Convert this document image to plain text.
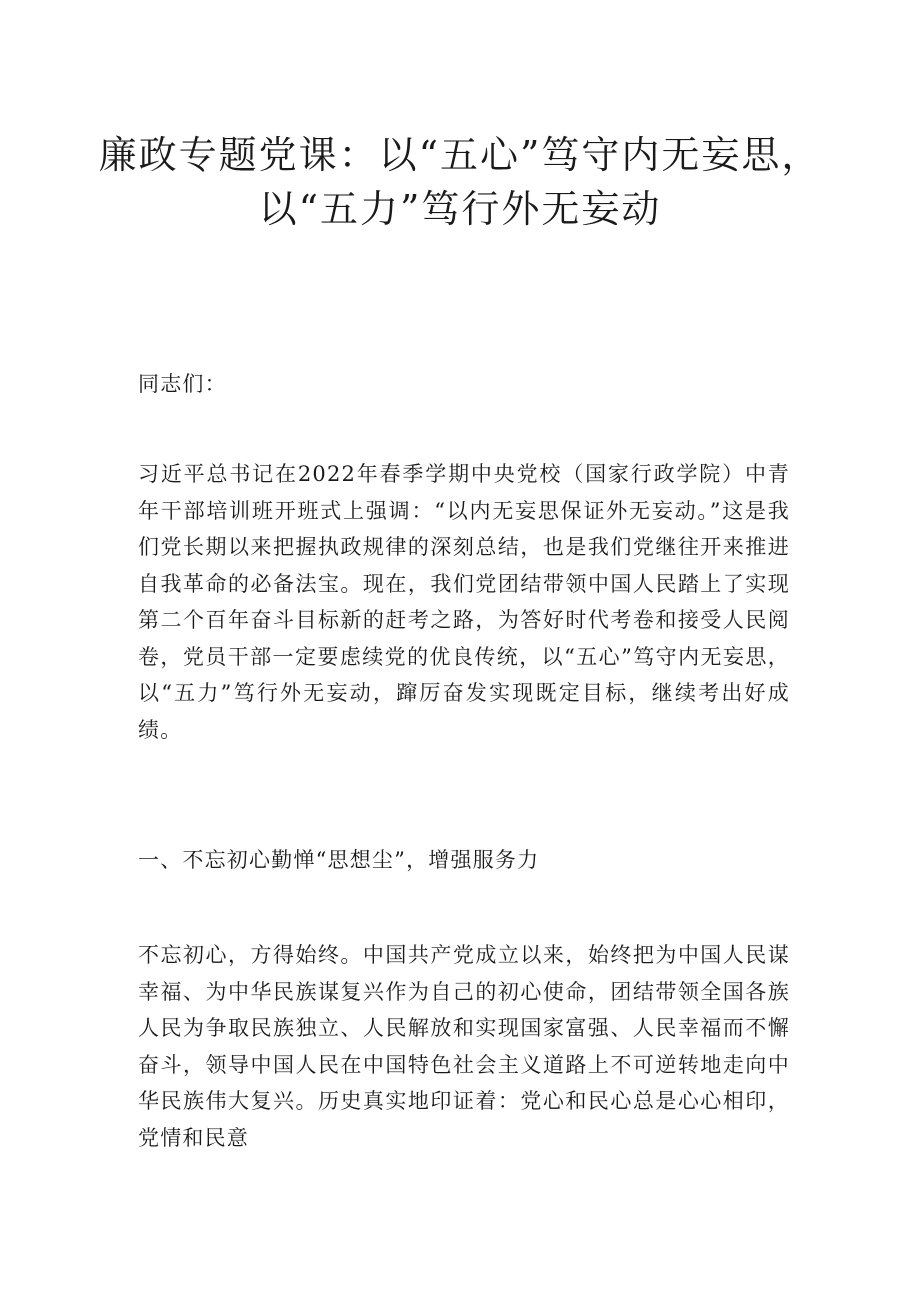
廉政专题党课：以“五心”笃守内无妄思，
以“五力”笃行外无妄动

同志们：

习近平总书记在2022年春季学期中央党校（国家行政学院）中青年干部培训班开班式上强调：“以内无妄思保证外无妄动。”这是我们党长期以来把握执政规律的深刻总结，也是我们党继往开来推进自我革命的必备法宝。现在，我们党团结带领中国人民踏上了实现第二个百年奋斗目标新的赶考之路，为答好时代考卷和接受人民阅卷，党员干部一定要虑续党的优良传统，以“五心”笃守内无妄思，以“五力”笃行外无妄动，蹿厉奋发实现既定目标，继续考出好成绩。

一、不忘初心勤惮“思想尘”，增强服务力

不忘初心，方得始终。中国共产党成立以来，始终把为中国人民谋幸福、为中华民族谋复兴作为自己的初心使命，团结带领全国各族人民为争取民族独立、人民解放和实现国家富强、人民幸福而不懈奋斗，领导中国人民在中国特色社会主义道路上不可逆转地走向中华民族伟大复兴。历史真实地印证着：党心和民心总是心心相印，党情和民意
